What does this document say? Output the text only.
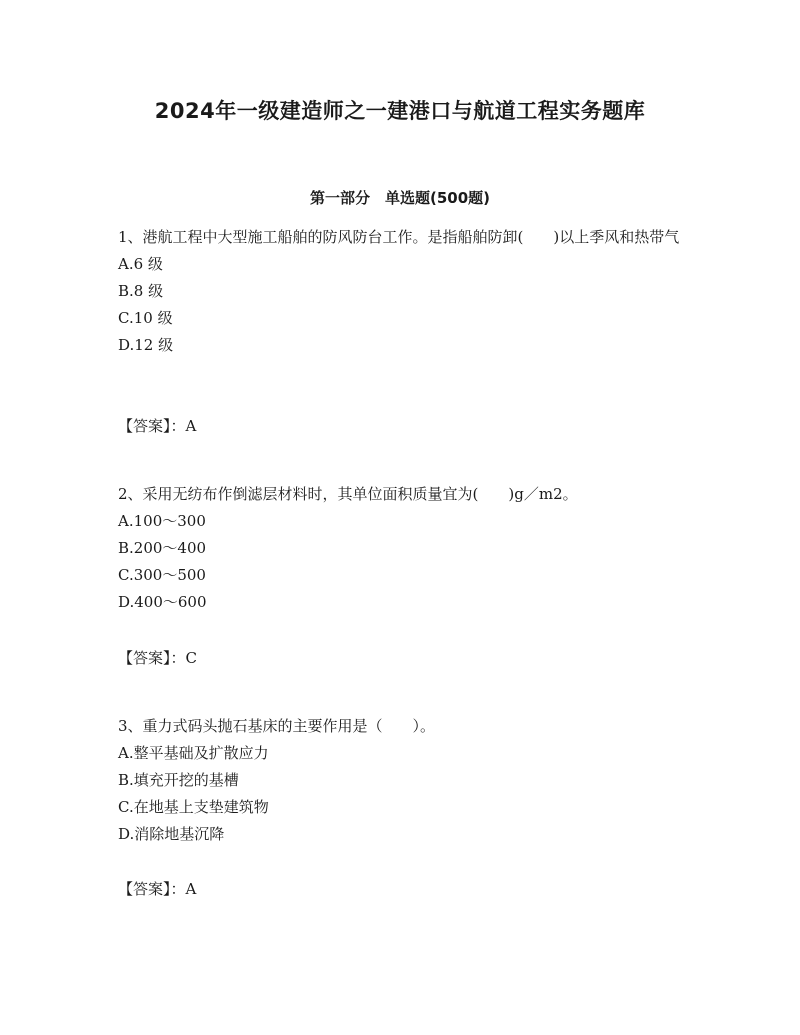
2024年一级建造师之一建港口与航道工程实务题库
第一部分　单选题(500题)

1、港航工程中大型施工船舶的防风防台工作。是指船舶防卸(　　)以上季风和热带气

A.6 级

B.8 级

C.10 级

D.12 级

【答案】：A

2、采用无纺布作倒滤层材料时，其单位面积质量宜为(　　)g／m2。

A.100～300

B.200～400

C.300～500

D.400～600

【答案】：C

3、重力式码头抛石基床的主要作用是（　　）。

A.整平基础及扩散应力

B.填充开挖的基槽

C.在地基上支垫建筑物

D.消除地基沉降

【答案】：A
